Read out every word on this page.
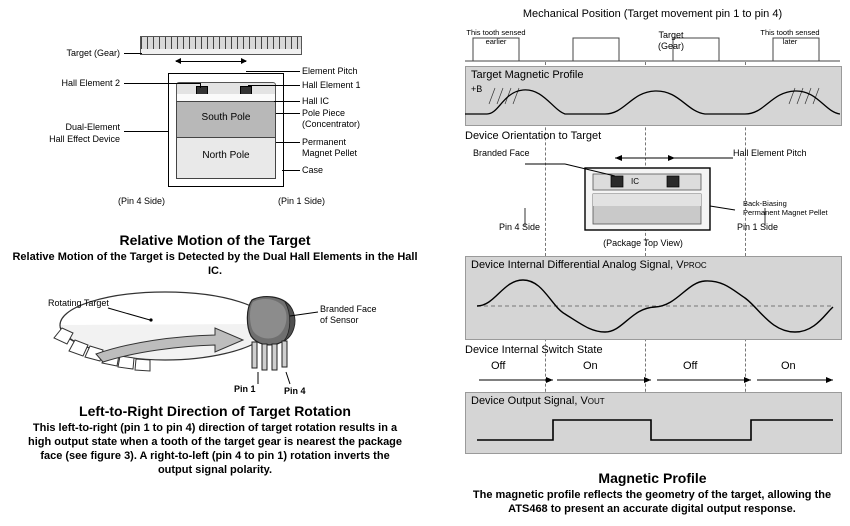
Target (Gear)
Element Pitch
South Pole
North Pole
Hall Element 2
Dual-Element
Hall Effect Device
Hall Element 1
Hall IC
Pole Piece
(Concentrator)
Permanent
Magnet Pellet
Case
(Pin 4 Side)	(Pin 1 Side)
Relative Motion of the Target
Relative Motion of the Target is Detected by the Dual Hall Elements in the Hall IC.
Rotating Target
Branded Face
of Sensor
Pin 1	Pin 4
Left-to-Right Direction of Target Rotation
This left-to-right (pin 1 to pin 4) direction of target rotation results in a high output state when a tooth of the target gear is nearest the package face (see figure 3). A right-to-left (pin 4 to pin 1) rotation inverts the output signal polarity.
Mechanical Position (Target movement pin 1 to pin 4)
This tooth sensed earlier
This tooth sensed later
Target
(Gear)
Target Magnetic Profile
+B
Device Orientation to Target
Branded Face	Hall Element Pitch
IC
Back-Biasing
Permanent Magnet Pellet
Pin 4 Side	Pin 1 Side
(Package Top View)
Device Internal Differential Analog Signal, VPROC
Device Internal Switch State
Off	On	Off	On
Device Output Signal, VOUT
Magnetic Profile
The magnetic profile reflects the geometry of the target, allowing the ATS468 to present an accurate digital output response.
